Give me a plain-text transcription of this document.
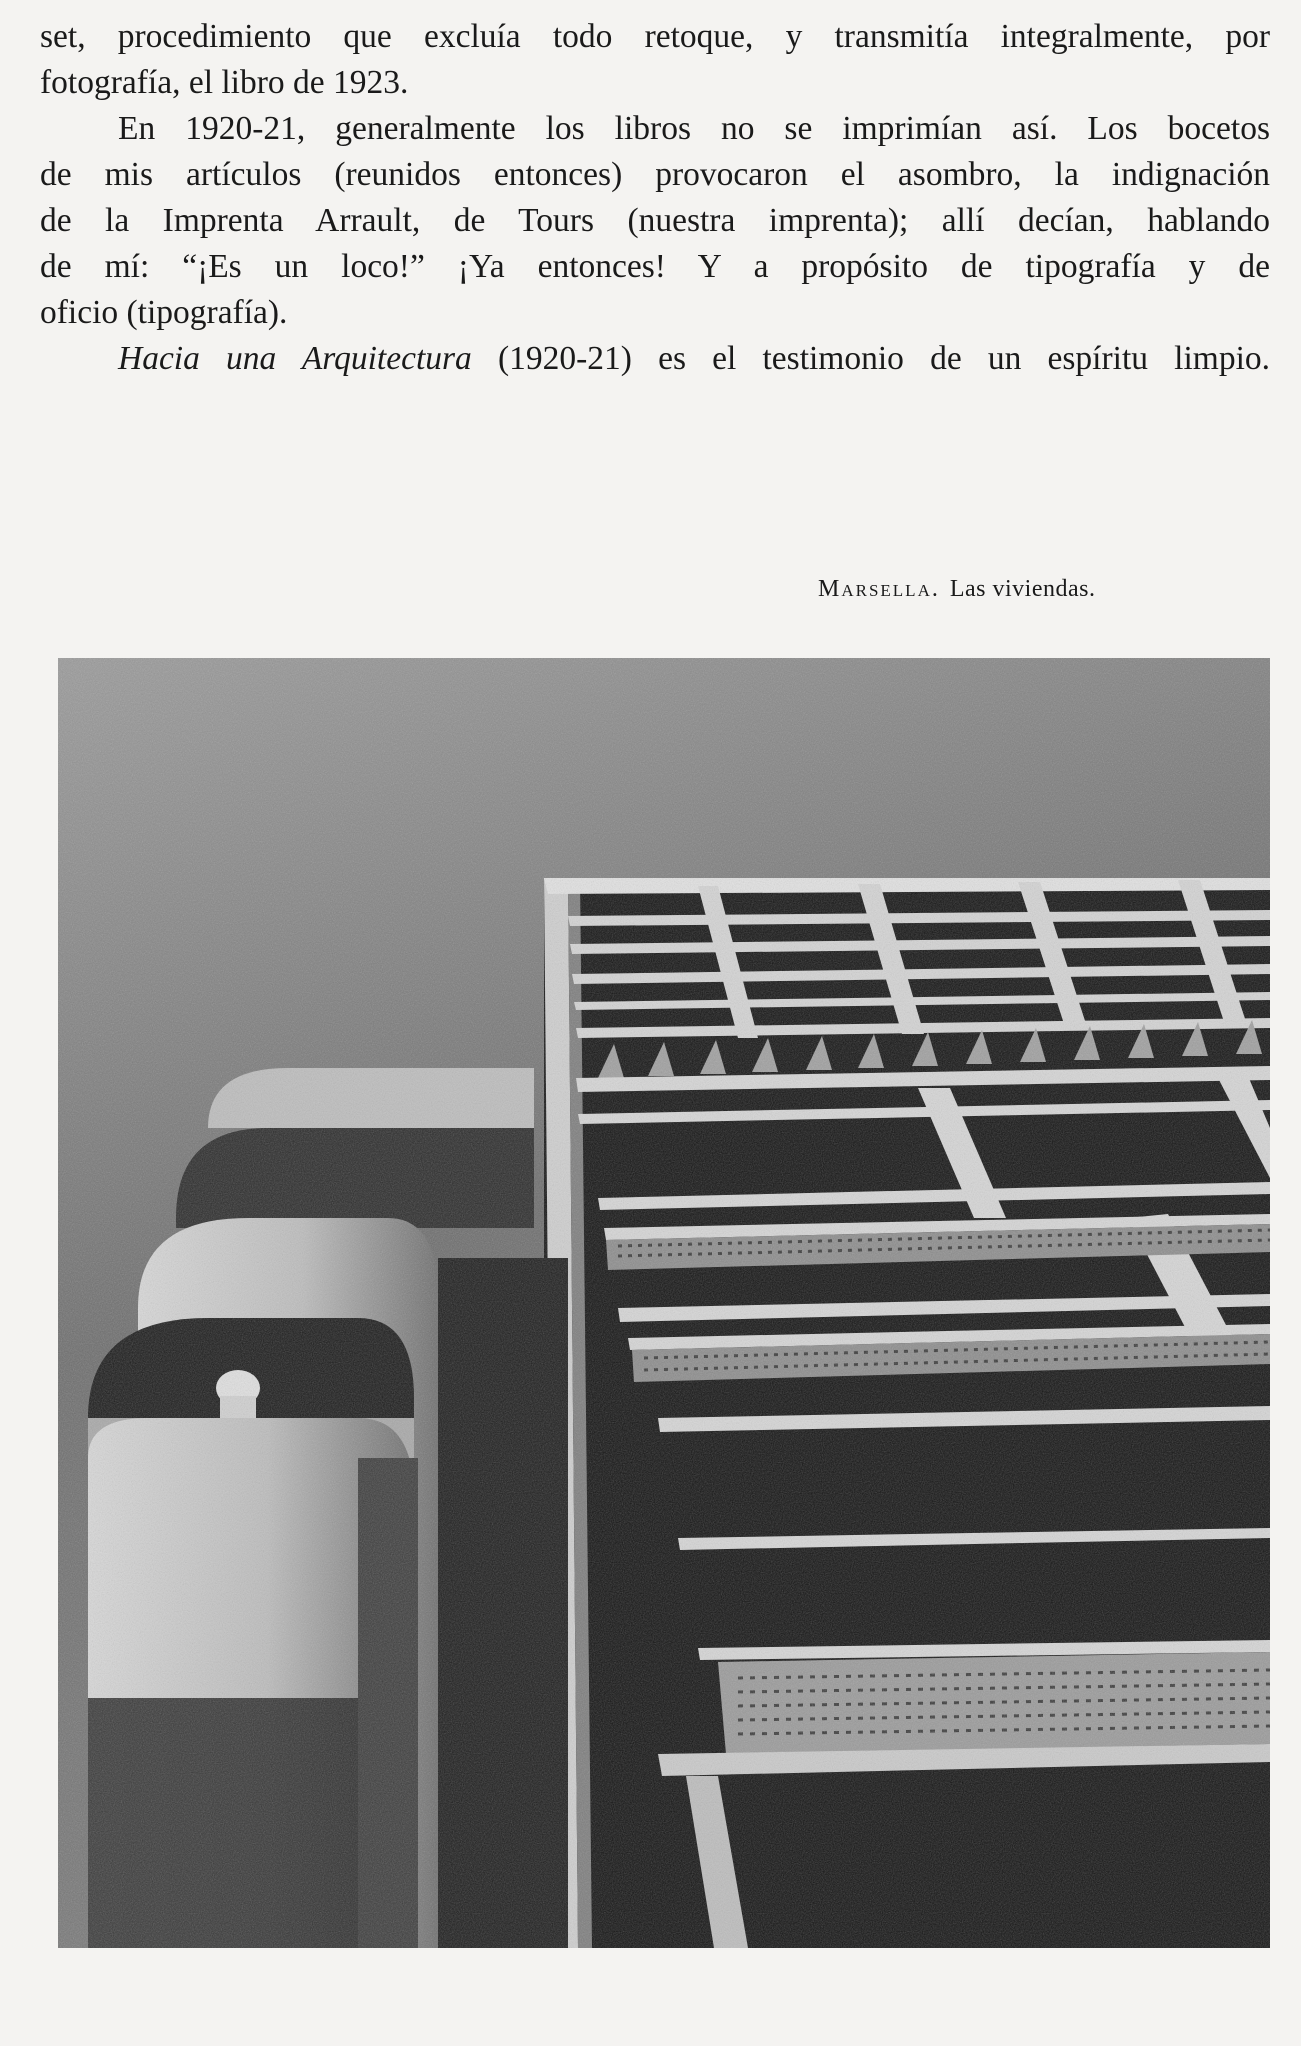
set, procedimiento que excluía todo retoque, y transmitía integralmente, por
fotografía, el libro de 1923.

En 1920-21, generalmente los libros no se imprimían así. Los bocetos
de mis artículos (reunidos entonces) provocaron el asombro, la indignación
de la Imprenta Arrault, de Tours (nuestra imprenta); allí decían, hablando
de mí: “¡Es un loco!” ¡Ya entonces! Y a propósito de tipografía y de
oficio (tipografía).

Hacia una Arquitectura (1920-21) es el testimonio de un espíritu limpio.

Marsella. Las viviendas.
